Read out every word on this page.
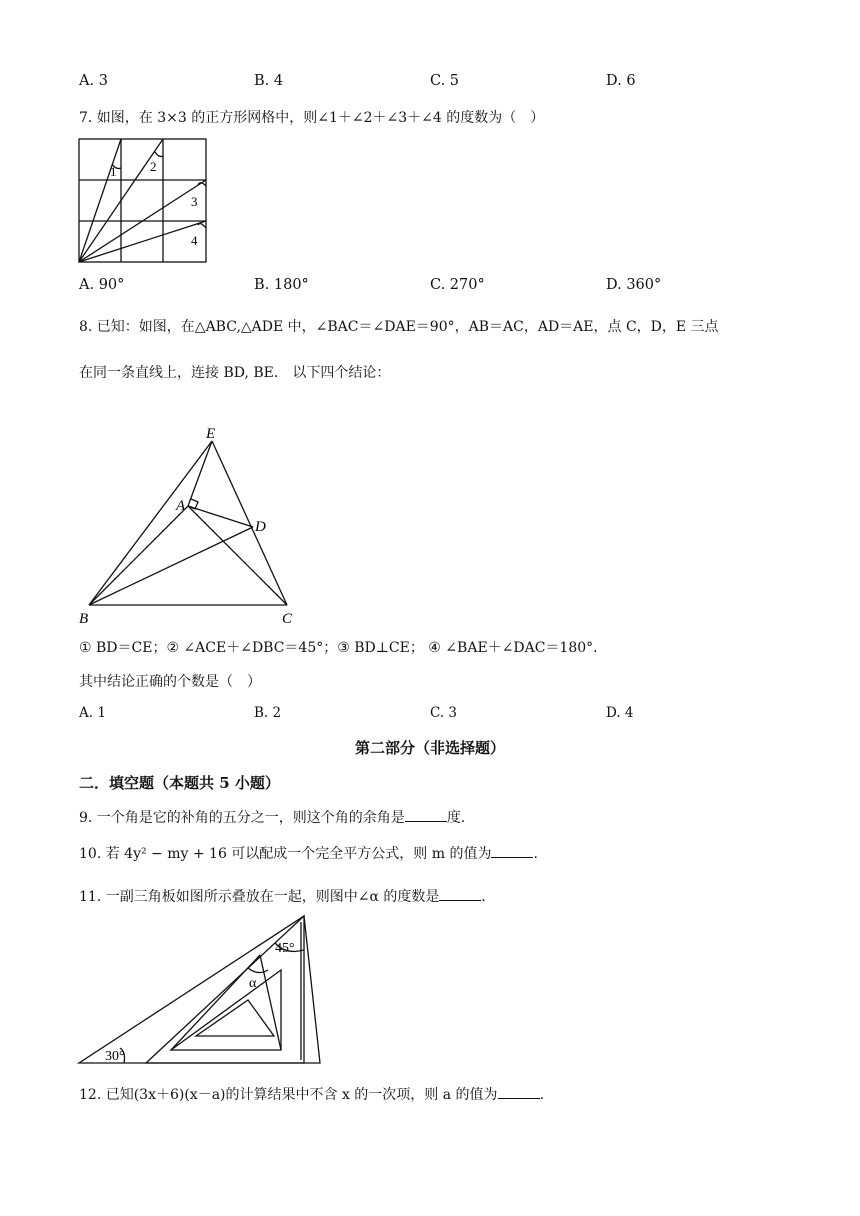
A. 3	B. 4	C. 5	D. 6
7. 如图，在 3×3 的正方形网格中，则∠1＋∠2＋∠3＋∠4 的度数为（　）
1	2
3
4
A. 90°	B. 180°	C. 270°	D. 360°
8. 已知：如图，在△ABC,△ADE 中，∠BAC＝∠DAE＝90°，AB＝AC，AD＝AE，点 C，D，E 三点
在同一条直线上，连接 BD, BE． 以下四个结论：
E
A
D
B	C
① BD＝CE；② ∠ACE＋∠DBC＝45°；③ BD⊥CE； ④ ∠BAE＋∠DAC＝180°．
其中结论正确的个数是（　）
A. 1	B. 2	C. 3	D. 4
第二部分（非选择题）
二．填空题（本题共 5 小题）
9. 一个角是它的补角的五分之一，则这个角的余角是	度.
10. 若 4y² − my + 16 可以配成一个完全平方公式，则 m 的值为	.
11. 一副三角板如图所示叠放在一起，则图中∠α 的度数是	.
45°
α
30°
12. 已知(3x＋6)(x－a)的计算结果中不含 x 的一次项，则 a 的值为	.
